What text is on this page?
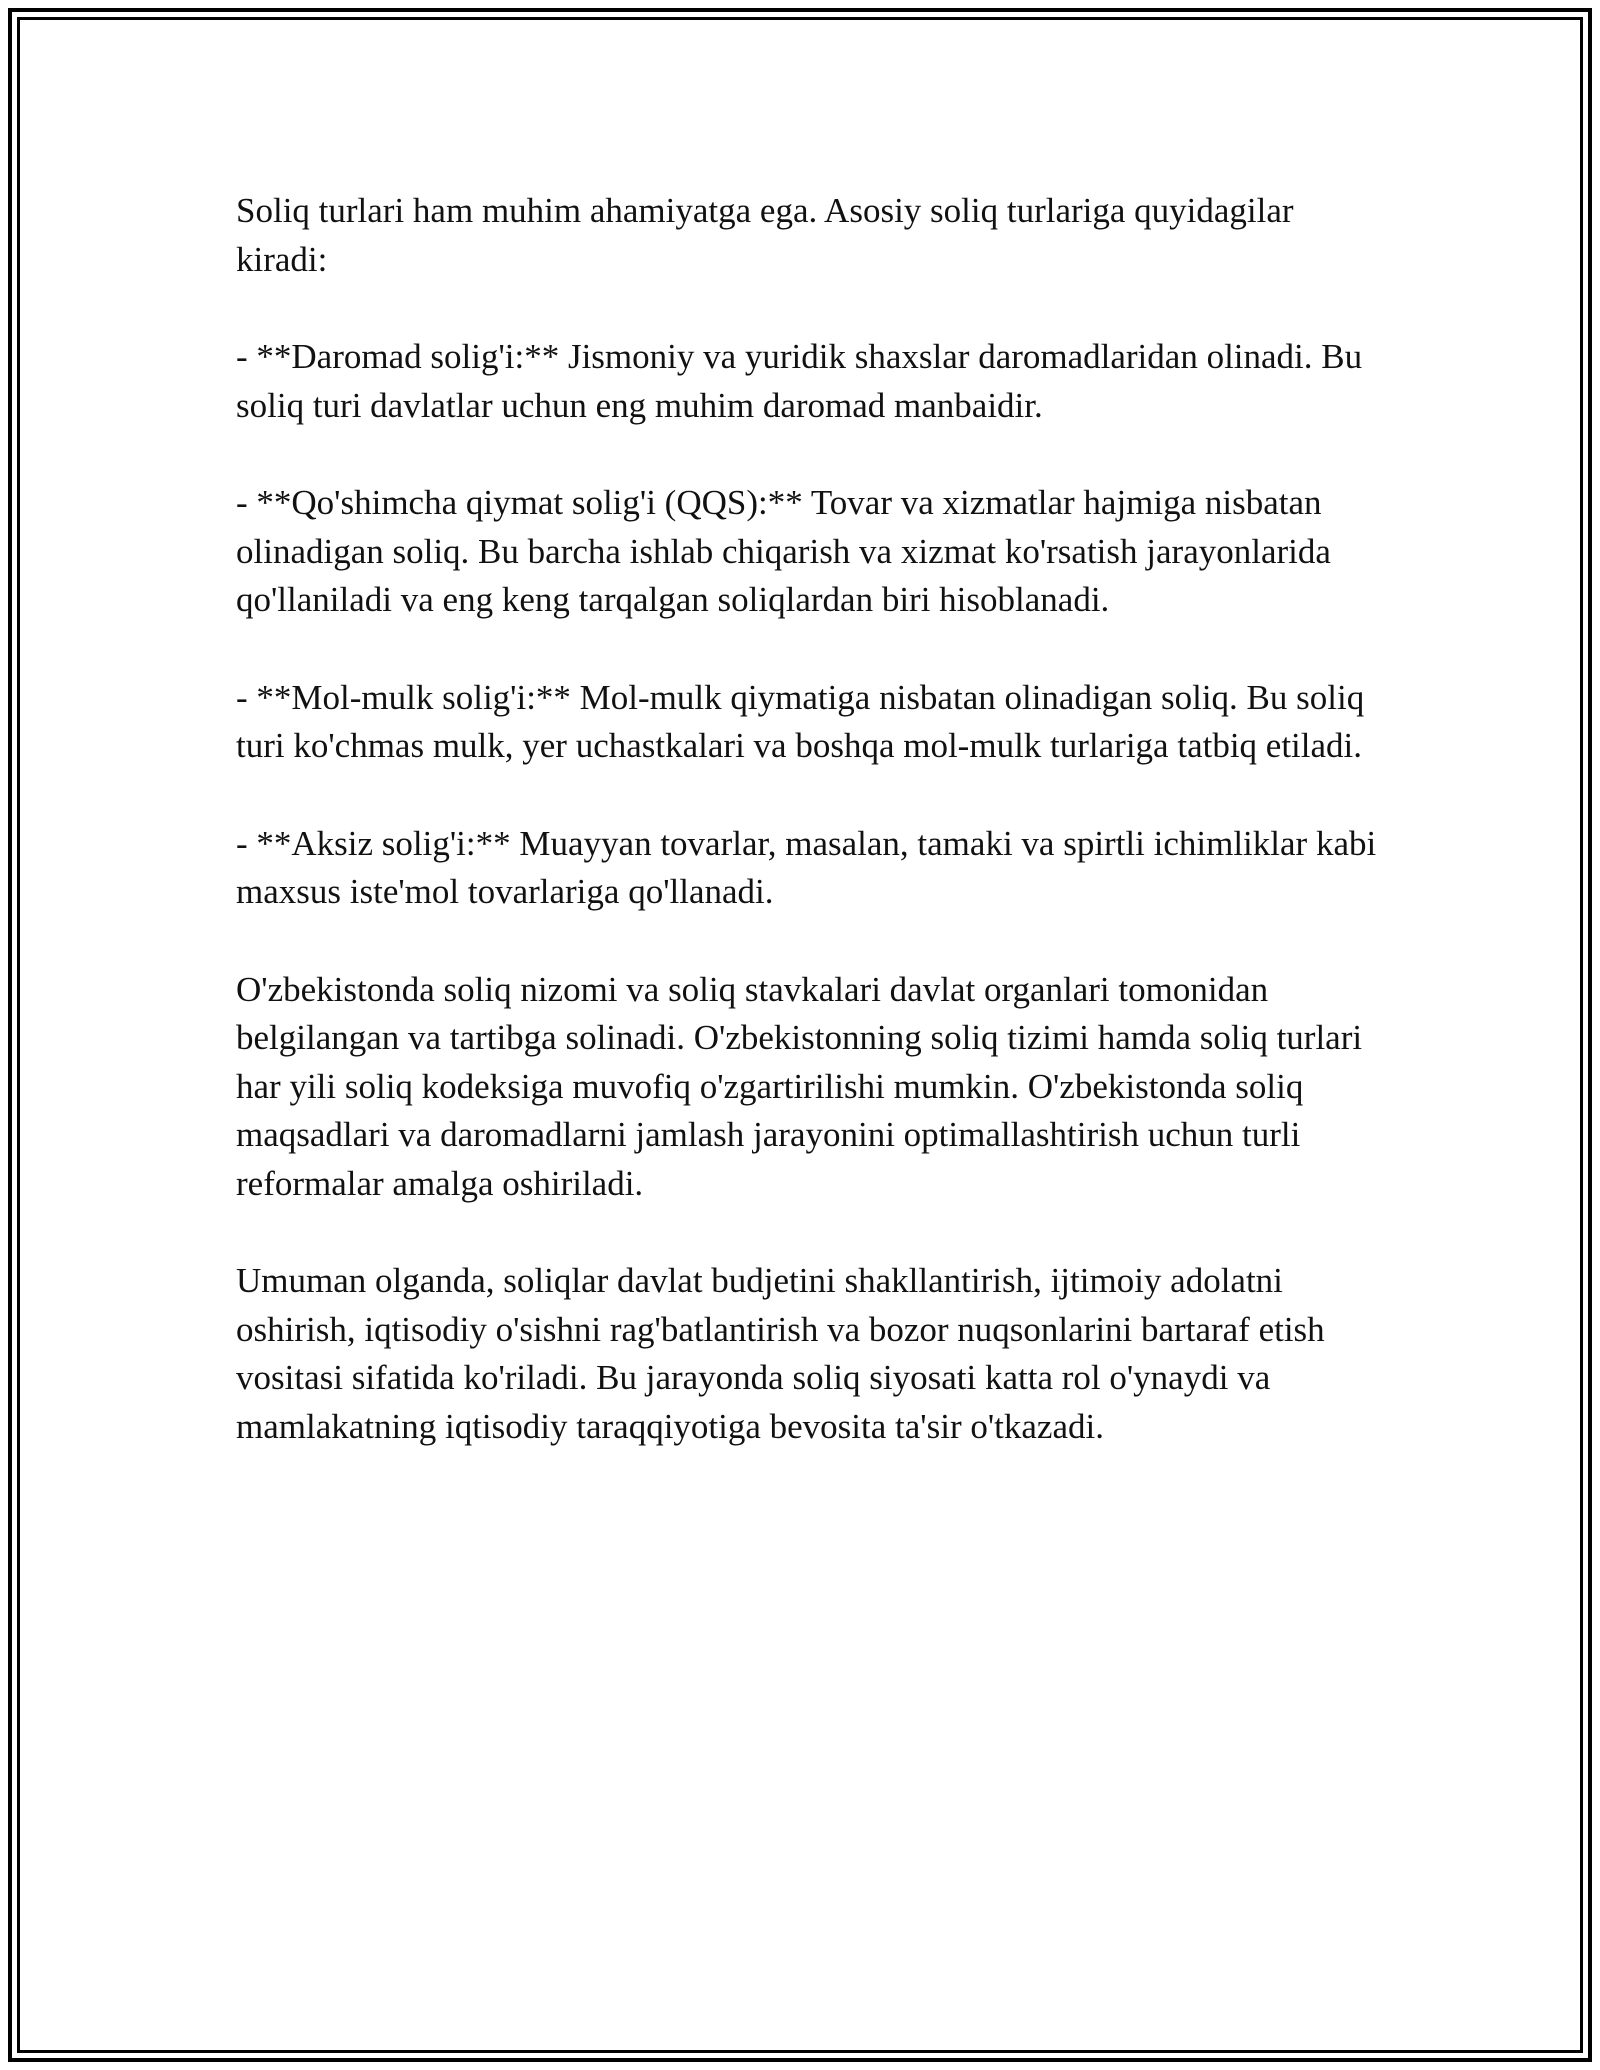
Soliq turlari ham muhim ahamiyatga ega. Asosiy soliq turlariga quyidagilar kiradi:

- **Daromad solig'i:** Jismoniy va yuridik shaxslar daromadlaridan olinadi. Bu soliq turi davlatlar uchun eng muhim daromad manbaidir.

- **Qo'shimcha qiymat solig'i (QQS):** Tovar va xizmatlar hajmiga nisbatan olinadigan soliq. Bu barcha ishlab chiqarish va xizmat ko'rsatish jarayonlarida qo'llaniladi va eng keng tarqalgan soliqlardan biri hisoblanadi.

- **Mol-mulk solig'i:** Mol-mulk qiymatiga nisbatan olinadigan soliq. Bu soliq turi ko'chmas mulk, yer uchastkalari va boshqa mol-mulk turlariga tatbiq etiladi.

- **Aksiz solig'i:** Muayyan tovarlar, masalan, tamaki va spirtli ichimliklar kabi maxsus iste'mol tovarlariga qo'llanadi.

O'zbekistonda soliq nizomi va soliq stavkalari davlat organlari tomonidan belgilangan va tartibga solinadi. O'zbekistonning soliq tizimi hamda soliq turlari har yili soliq kodeksiga muvofiq o'zgartirilishi mumkin. O'zbekistonda soliq maqsadlari va daromadlarni jamlash jarayonini optimallashtirish uchun turli reformalar amalga oshiriladi.

Umuman olganda, soliqlar davlat budjetini shakllantirish, ijtimoiy adolatni oshirish, iqtisodiy o'sishni rag'batlantirish va bozor nuqsonlarini bartaraf etish vositasi sifatida ko'riladi. Bu jarayonda soliq siyosati katta rol o'ynaydi va mamlakatning iqtisodiy taraqqiyotiga bevosita ta'sir o'tkazadi.
